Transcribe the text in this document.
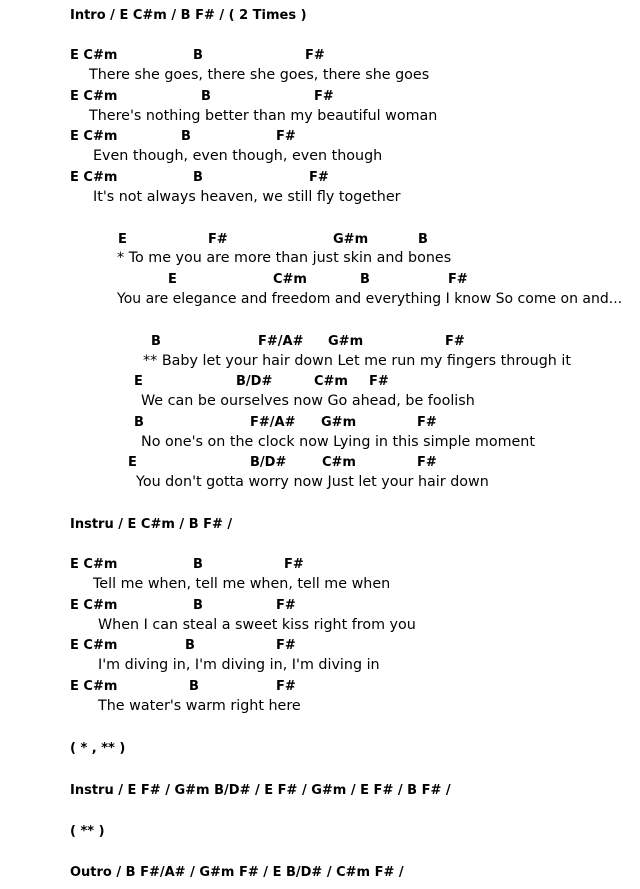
Intro / E C#m / B F# / ( 2 Times )
E C#m	B	F#
There she goes, there she goes, there she goes
E C#m	B	F#
There's nothing better than my beautiful woman
E C#m	B	F#
Even though, even though, even though
E C#m	B	F#
It's not always heaven, we still fly together
E	F#	G#m	B
* To me you are more than just skin and bones
E	C#m	B	F#
You are elegance and freedom and everything I know So come on and...
B	F#/A# G#m	F#
** Baby let your hair down Let me run my fingers through it
E	B/D#	C#m F#
We can be ourselves now Go ahead, be foolish
B	F#/A# G#m	F#
No one's on the clock now Lying in this simple moment
E	B/D#	C#m	F#
You don't gotta worry now Just let your hair down
Instru / E C#m / B F# /
E C#m	B	F#
Tell me when, tell me when, tell me when
E C#m	B	F#
When I can steal a sweet kiss right from you
E C#m	B	F#
I'm diving in, I'm diving in, I'm diving in
E C#m	B	F#
The water's warm right here
( * , ** )
Instru / E F# / G#m B/D# / E F# / G#m / E F# / B F# /
( ** )
Outro / B F#/A# / G#m F# / E B/D# / C#m F# /
